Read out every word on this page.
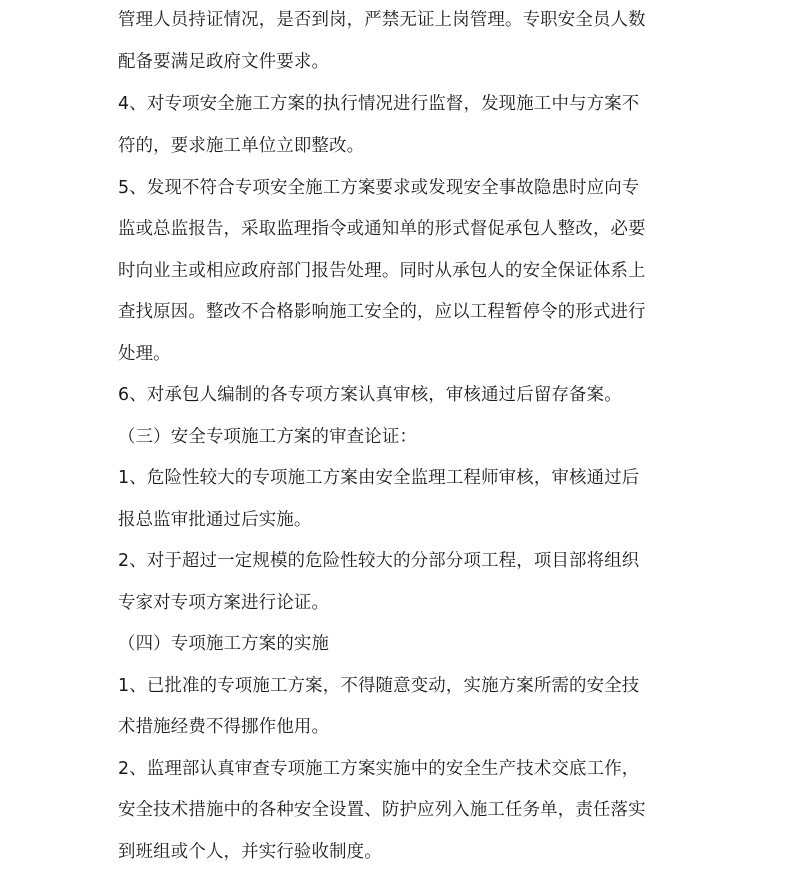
管理人员持证情况，是否到岗，严禁无证上岗管理。专职安全员人数
配备要满足政府文件要求。
4、对专项安全施工方案的执行情况进行监督，发现施工中与方案不
符的，要求施工单位立即整改。
5、发现不符合专项安全施工方案要求或发现安全事故隐患时应向专
监或总监报告，采取监理指令或通知单的形式督促承包人整改，必要
时向业主或相应政府部门报告处理。同时从承包人的安全保证体系上
查找原因。整改不合格影响施工安全的，应以工程暂停令的形式进行
处理。
6、对承包人编制的各专项方案认真审核，审核通过后留存备案。
（三）安全专项施工方案的审查论证：
1、危险性较大的专项施工方案由安全监理工程师审核，审核通过后
报总监审批通过后实施。
2、对于超过一定规模的危险性较大的分部分项工程，项目部将组织
专家对专项方案进行论证。
（四）专项施工方案的实施
1、已批准的专项施工方案，不得随意变动，实施方案所需的安全技
术措施经费不得挪作他用。
2、监理部认真审查专项施工方案实施中的安全生产技术交底工作，
安全技术措施中的各种安全设置、防护应列入施工任务单，责任落实
到班组或个人，并实行验收制度。
